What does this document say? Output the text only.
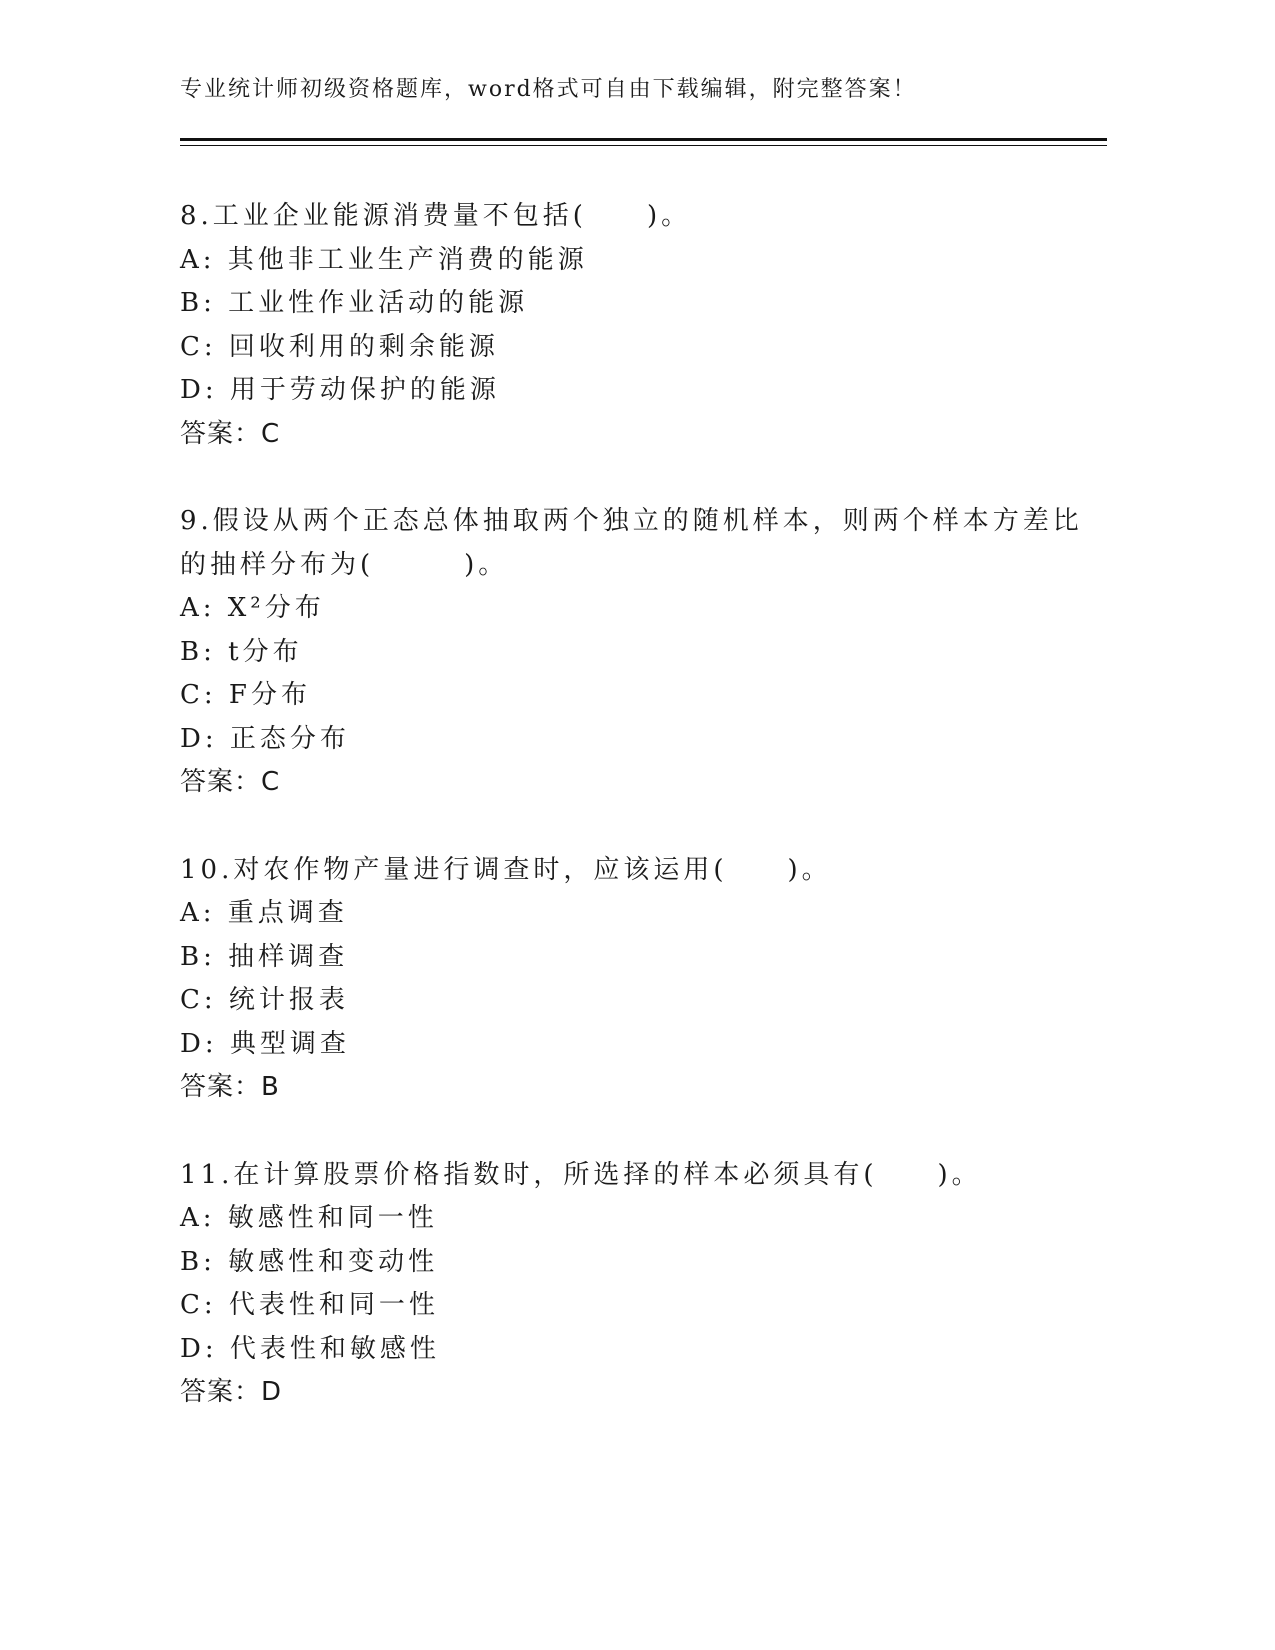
专业统计师初级资格题库，word格式可自由下载编辑，附完整答案！
8.工业企业能源消费量不包括(　　)。
A: 其他非工业生产消费的能源
B: 工业性作业活动的能源
C: 回收利用的剩余能源
D: 用于劳动保护的能源
答案：C
9.假设从两个正态总体抽取两个独立的随机样本，则两个样本方差比
的抽样分布为(　　　)。
A: X²分布
B: t分布
C: F分布
D: 正态分布
答案：C
10.对农作物产量进行调查时，应该运用(　　)。
A: 重点调查
B: 抽样调查
C: 统计报表
D: 典型调查
答案：B
11.在计算股票价格指数时，所选择的样本必须具有(　　)。
A: 敏感性和同一性
B: 敏感性和变动性
C: 代表性和同一性
D: 代表性和敏感性
答案：D
